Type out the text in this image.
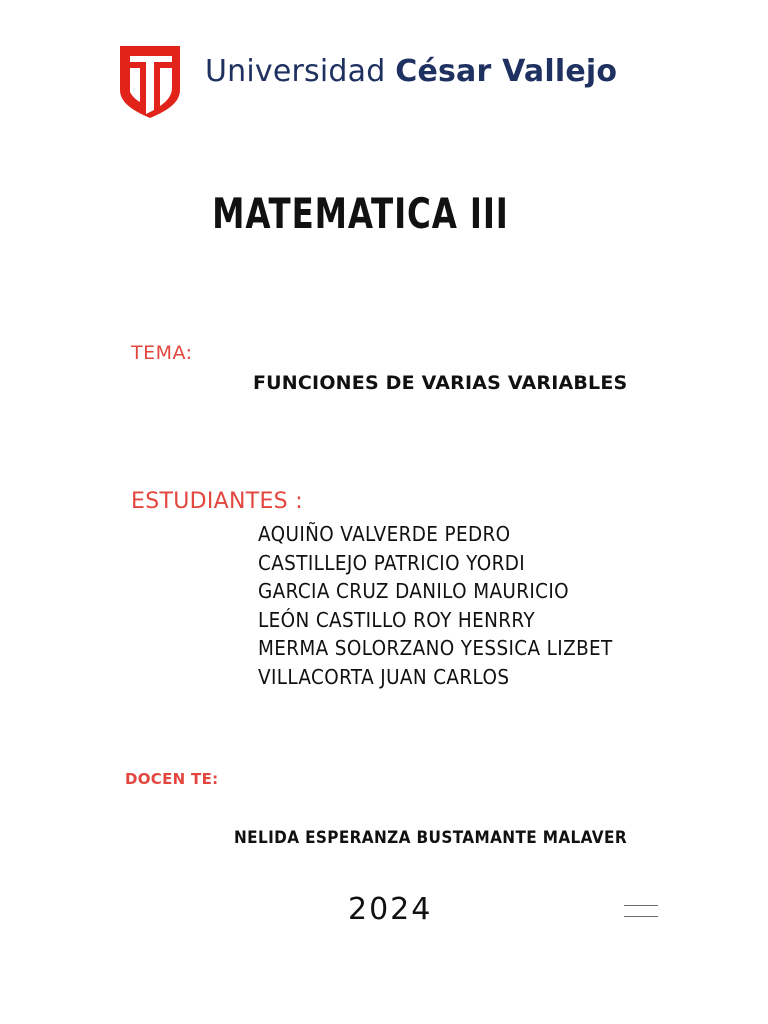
Universidad César Vallejo
MATEMATICA III
TEMA:
FUNCIONES DE VARIAS VARIABLES
ESTUDIANTES :
AQUIÑO VALVERDE PEDRO
CASTILLEJO PATRICIO YORDI
GARCIA CRUZ DANILO MAURICIO
LEÓN CASTILLO ROY HENRRY
MERMA SOLORZANO YESSICA LIZBET
VILLACORTA JUAN CARLOS
DOCEN TE:
NELIDA ESPERANZA BUSTAMANTE MALAVER
2024
